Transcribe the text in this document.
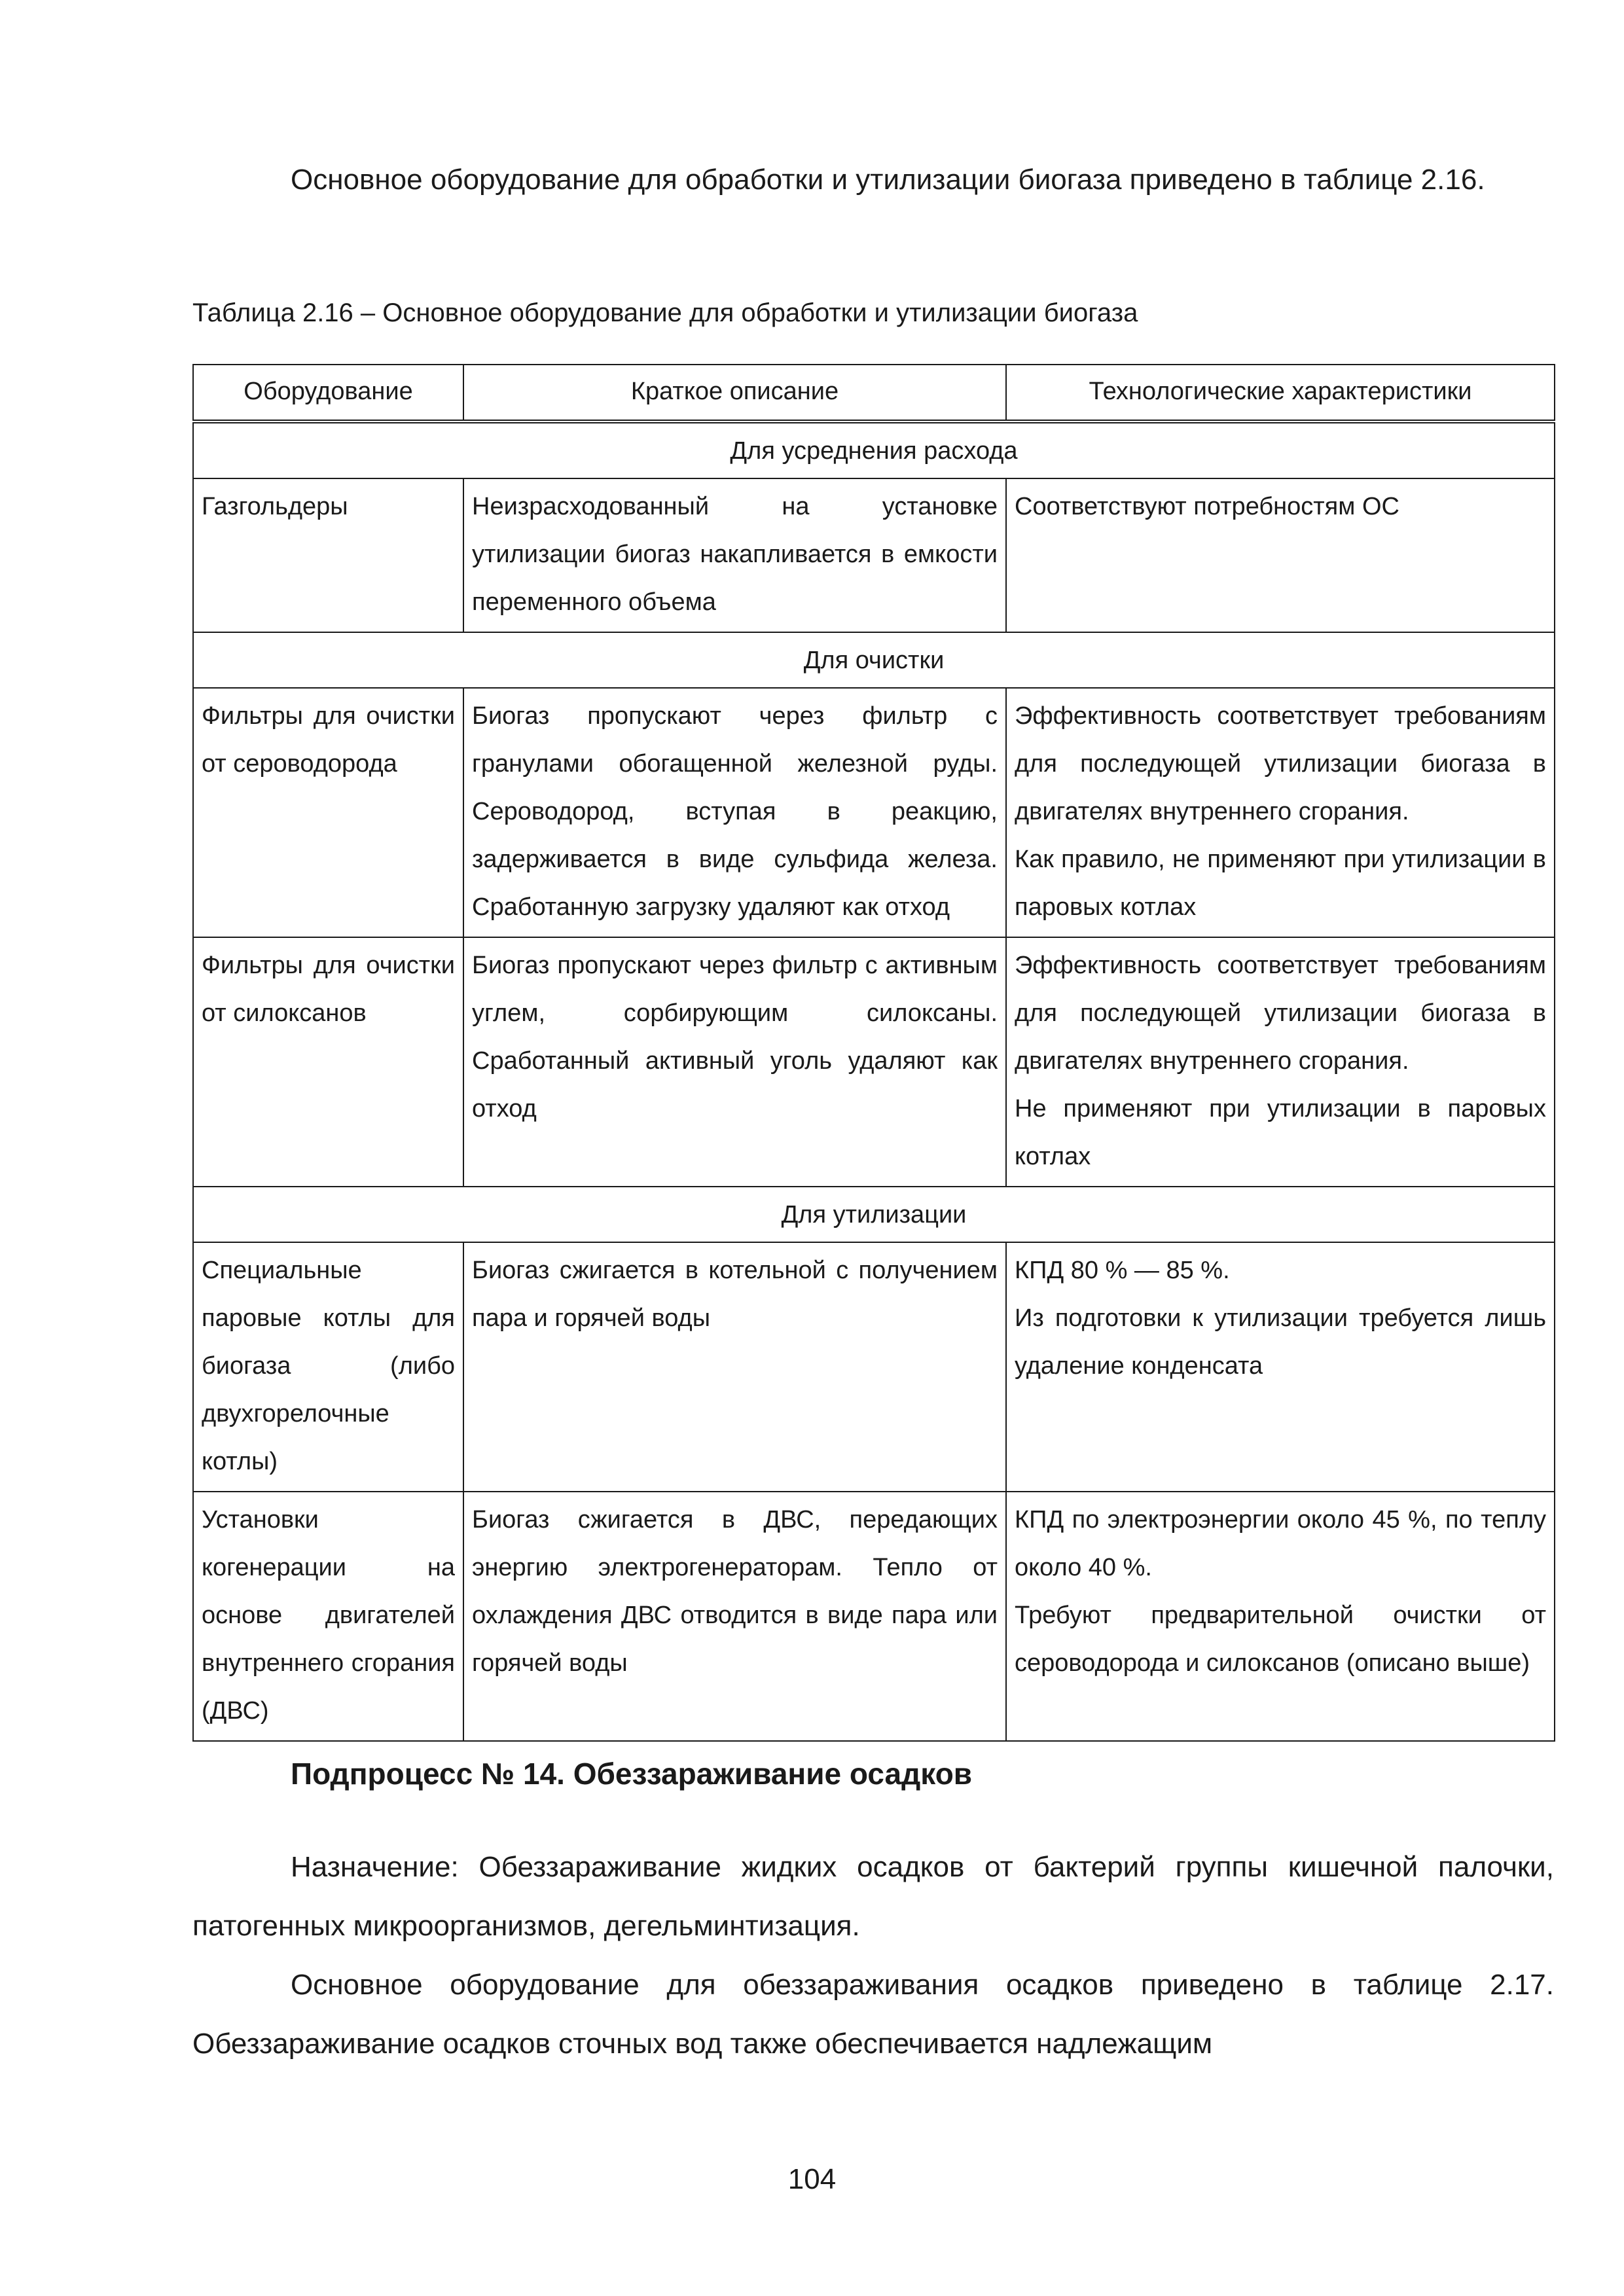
Основное оборудование для обработки и утилизации биогаза приведено в таблице 2.16.

Таблица 2.16 – Основное оборудование для обработки и утилизации биогаза

Оборудование	Краткое описание	Технологические характеристики
Для усреднения расхода		
Газгольдеры	Неизрасходованный на установке утилизации биогаз накапливается в емкости переменного объема	Соответствуют потребностям ОС

Для очистки		
Фильтры для очистки от сероводорода	Биогаз пропускают через фильтр с гранулами обогащенной железной руды. Сероводород, вступая в реакцию, задерживается в виде сульфида железа. Сработанную загрузку удаляют как отход	Эффективность соответствует требованиям для последующей утилизации биогаза в двигателях внутреннего сгорания.
Как правило, не применяют при утилизации в паровых котлах

Фильтры для очистки от силоксанов	Биогаз пропускают через фильтр с активным углем, сорбирующим силоксаны. Сработанный активный уголь удаляют как отход	Эффективность соответствует требованиям для последующей утилизации биогаза в двигателях внутреннего сгорания.
Не применяют при утилизации в паровых котлах

Для утилизации		
Специальные паровые котлы для биогаза (либо двухгорелочные котлы)	Биогаз сжигается в котельной с получением пара и горячей воды	КПД 80 % — 85 %.
Из подготовки к утилизации требуется лишь удаление конденсата

Установки когенерации на основе двигателей внутреннего сгорания (ДВС)	Биогаз сжигается в ДВС, передающих энергию электрогенераторам. Тепло от охлаждения ДВС отводится в виде пара или горячей воды	КПД по электроэнергии около 45 %, по теплу около 40 %.
Требуют предварительной очистки от сероводорода и силоксанов (описано выше)

Подпроцесс № 14. Обеззараживание осадков

Назначение: Обеззараживание жидких осадков от бактерий группы кишечной палочки, патогенных микроорганизмов, дегельминтизация.

Основное оборудование для обеззараживания осадков приведено в таблице 2.17. Обеззараживание осадков сточных вод также обеспечивается надлежащим

104
